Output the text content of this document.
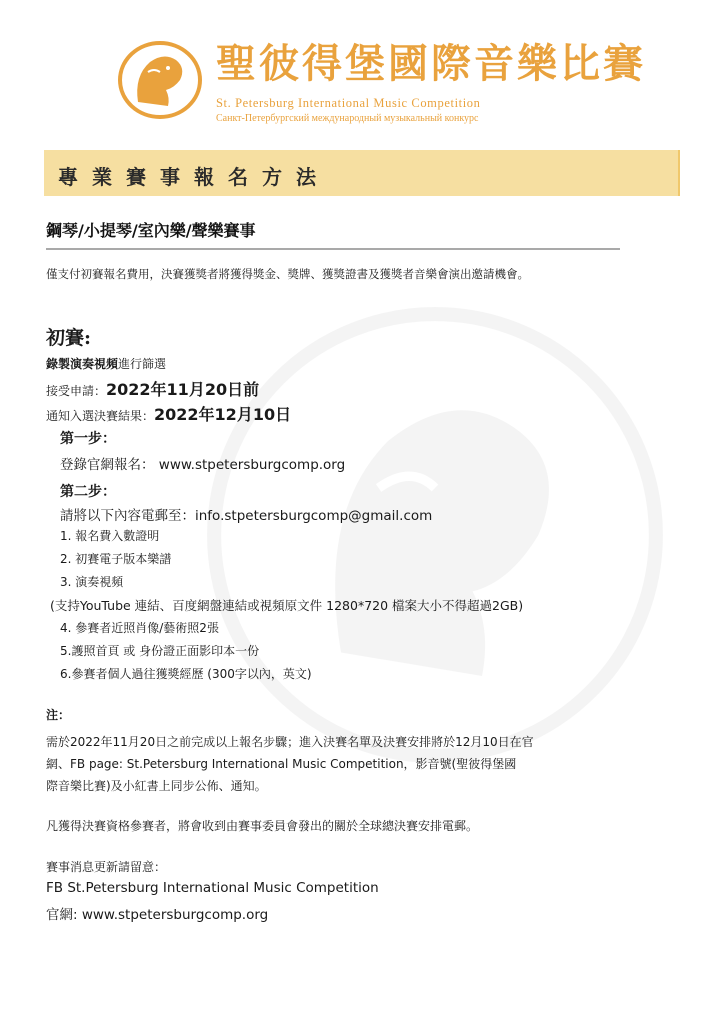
聖彼得堡國際音樂比賽
St. Petersburg International Music Competition
Санкт-Петербургский международный музыкальный конкурс
專業賽事報名方法
鋼琴/小提琴/室內樂/聲樂賽事
僅支付初賽報名費用，決賽獲獎者將獲得獎金、獎牌、獲獎證書及獲獎者音樂會演出邀請機會。
初賽:
錄製演奏視頻進行篩選
接受申請：2022年11月20日前
通知入選決賽結果：2022年12月10日
第一步：
登錄官網報名： www.stpetersburgcomp.org
第二步：
請將以下內容電郵至：info.stpetersburgcomp@gmail.com
1. 報名費入數證明
2. 初賽電子版本樂譜
3. 演奏視頻
(支持YouTube 連結、百度網盤連結或視頻原文件 1280*720 檔案大小不得超過2GB)
4. 參賽者近照肖像/藝術照2張
5.護照首頁 或 身份證正面影印本一份
6.參賽者個人過往獲獎經歷 (300字以內，英文)
注：
需於2022年11月20日之前完成以上報名步驟；進入決賽名單及決賽安排將於12月10日在官
網、FB page: St.Petersburg International Music Competition，影音號(聖彼得堡國
際音樂比賽)及小紅書上同步公佈、通知。
凡獲得決賽資格參賽者，將會收到由賽事委員會發出的關於全球總決賽安排電郵。
賽事消息更新請留意：
FB St.Petersburg International Music Competition
官網: www.stpetersburgcomp.org
